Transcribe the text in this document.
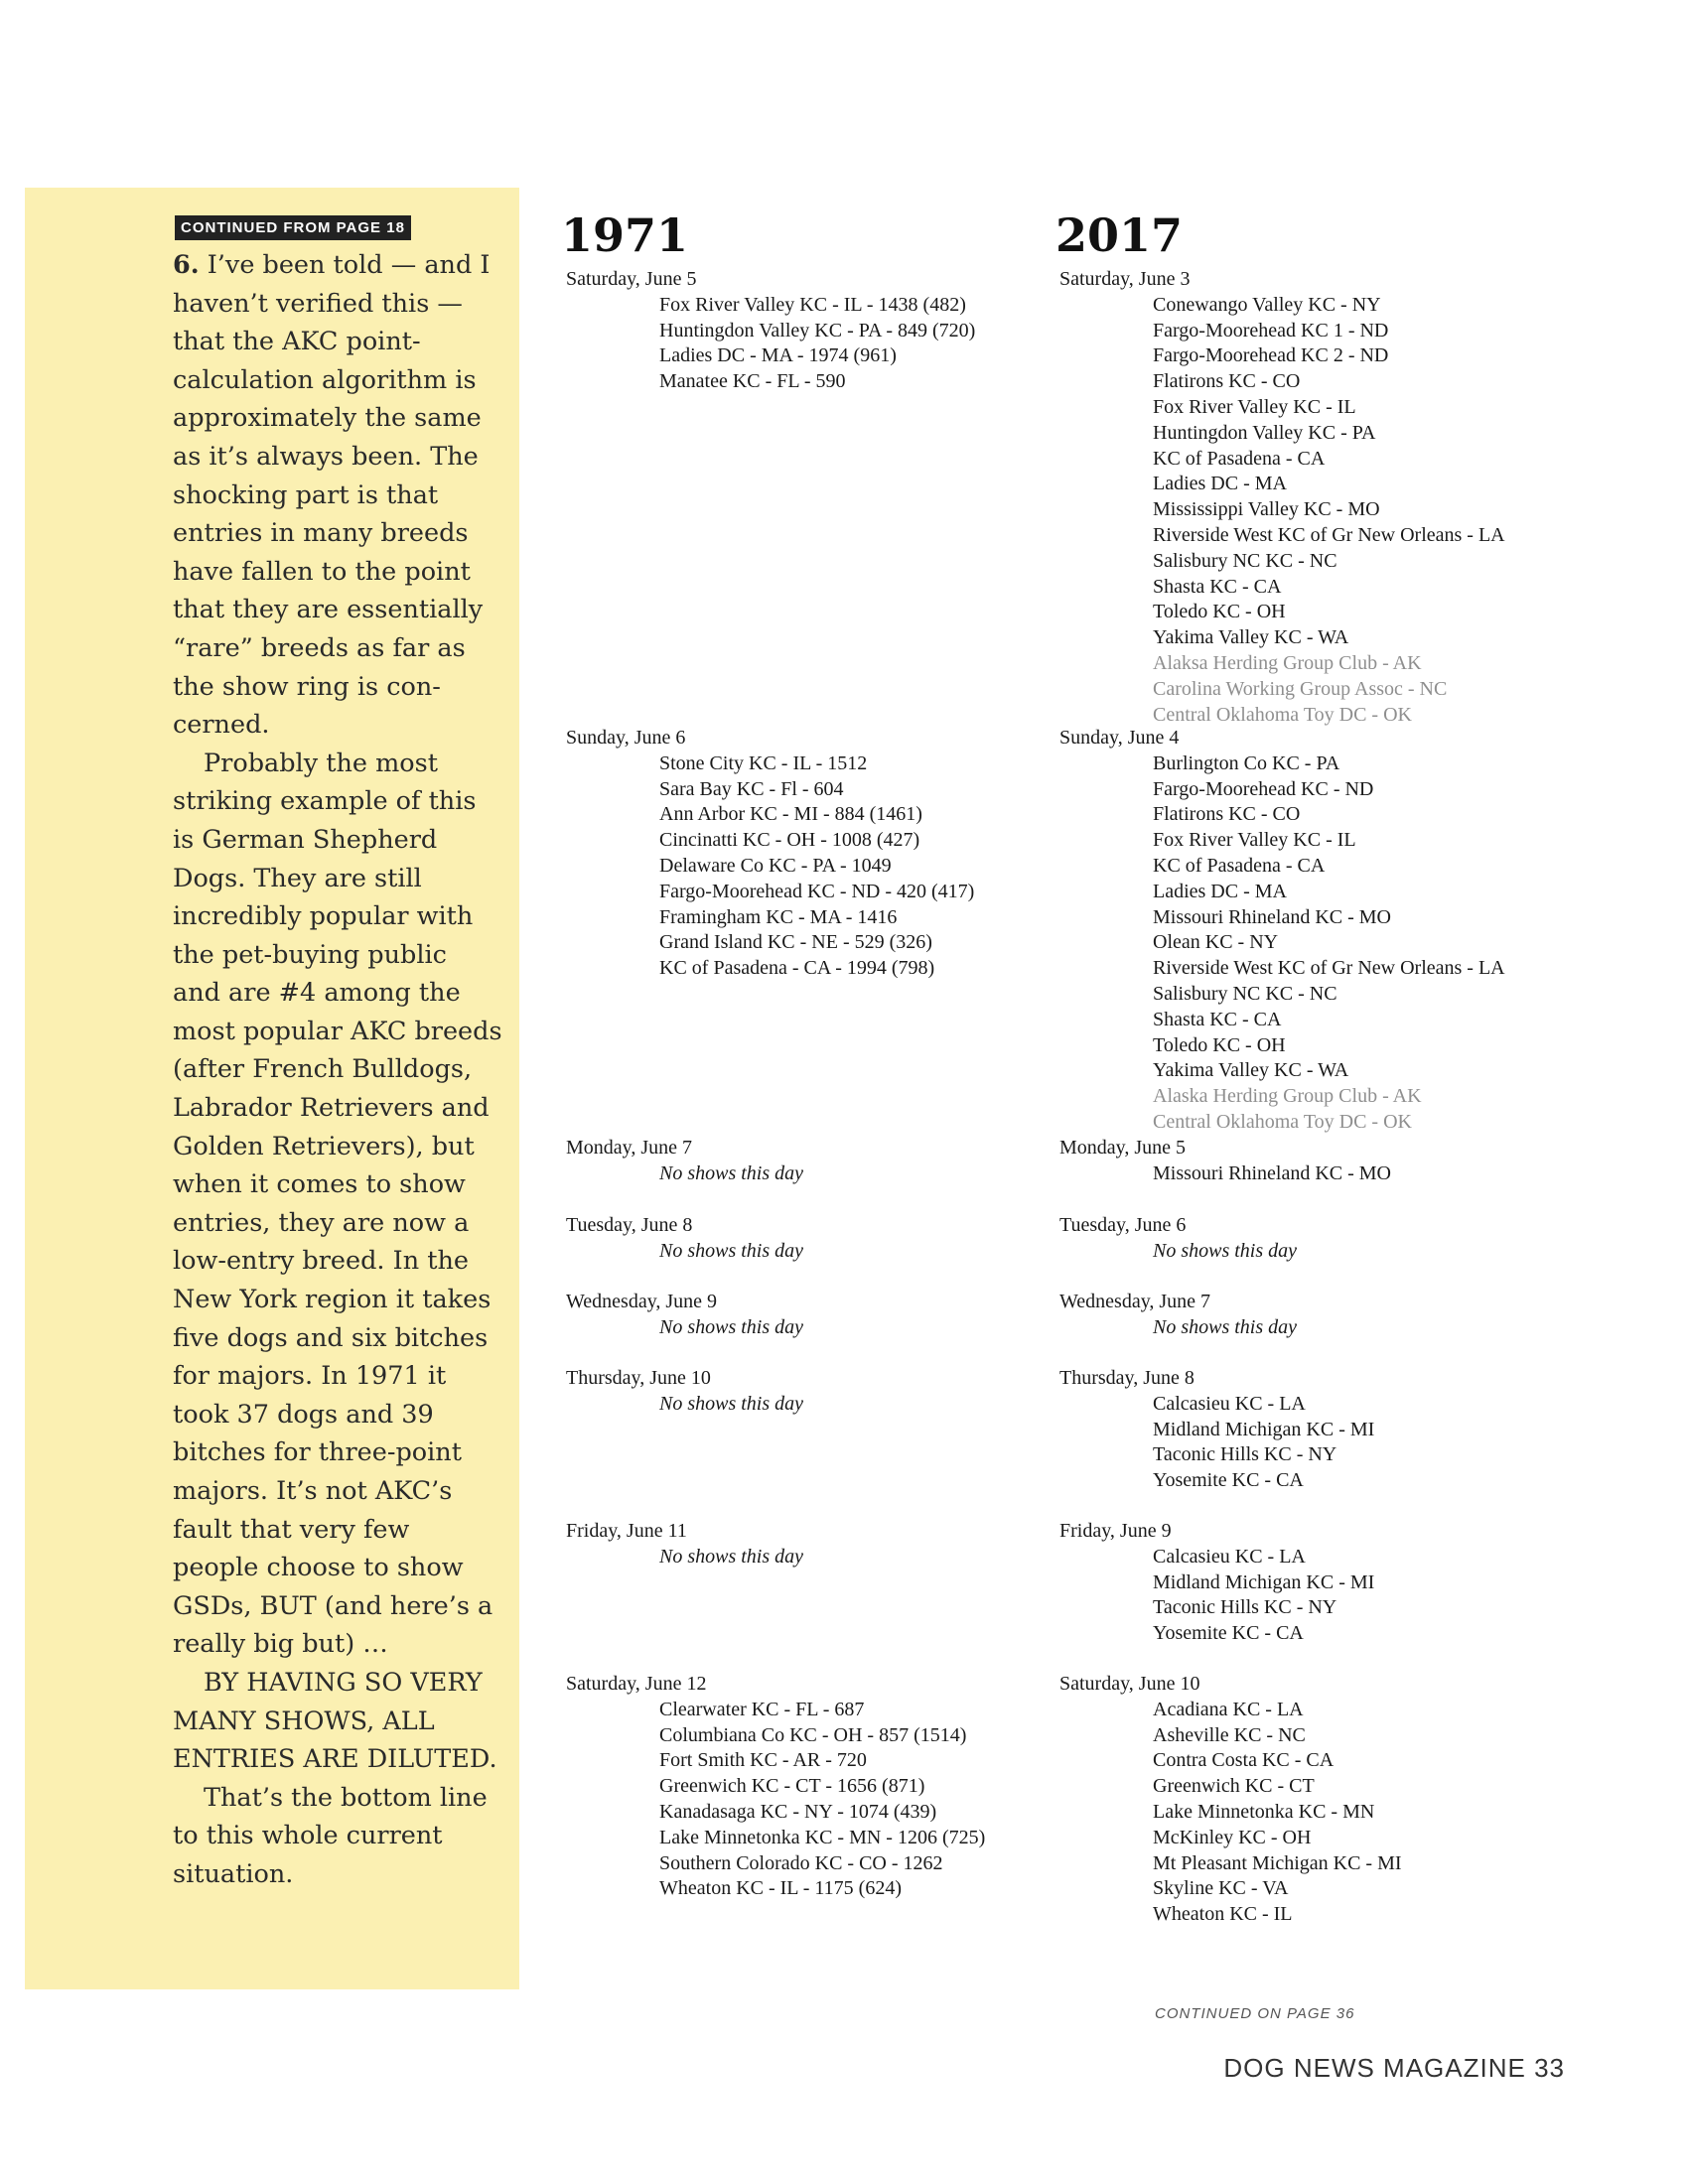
CONTINUED FROM PAGE 18

6. I’ve been told — and I haven’t verified this — that the AKC point-calculation algorithm is approximately the same as it’s always been. The shocking part is that entries in many breeds have fallen to the point that they are essentially “rare” breeds as far as the show ring is con-cerned.

Probably the most striking example of this is German Shepherd Dogs. They are still incredibly popular with the pet-buying public and are #4 among the most popular AKC breeds (after French Bulldogs, Labrador Retrievers and Golden Retrievers), but when it comes to show entries, they are now a low-entry breed. In the New York region it takes five dogs and six bitches for majors. In 1971 it took 37 dogs and 39 bitches for three-point majors. It’s not AKC’s fault that very few people choose to show GSDs, BUT (and here’s a really big but) …

BY HAVING SO VERY MANY SHOWS, ALL ENTRIES ARE DILUTED.

That’s the bottom line to this whole current situation.

1971
Saturday, June 5
Fox River Valley KC - IL - 1438 (482)
Huntingdon Valley KC - PA - 849 (720)
Ladies DC - MA - 1974 (961)
Manatee KC - FL - 590
Sunday, June 6
Stone City KC - IL - 1512
Sara Bay KC - Fl - 604
Ann Arbor KC - MI - 884 (1461)
Cincinatti KC - OH - 1008 (427)
Delaware Co KC - PA - 1049
Fargo-Moorehead KC - ND - 420 (417)
Framingham KC - MA - 1416
Grand Island KC - NE - 529 (326)
KC of Pasadena - CA - 1994 (798)
Monday, June 7
No shows this day
Tuesday, June 8
No shows this day
Wednesday, June 9
No shows this day
Thursday, June 10
No shows this day
Friday, June 11
No shows this day
Saturday, June 12
Clearwater KC - FL - 687
Columbiana Co KC - OH - 857 (1514)
Fort Smith KC - AR - 720
Greenwich KC - CT - 1656 (871)
Kanadasaga KC - NY - 1074 (439)
Lake Minnetonka KC - MN - 1206 (725)
Southern Colorado KC - CO - 1262
Wheaton KC - IL - 1175 (624)
2017
Saturday, June 3
Conewango Valley KC - NY
Fargo-Moorehead KC 1 - ND
Fargo-Moorehead KC 2 - ND
Flatirons KC - CO
Fox River Valley KC - IL
Huntingdon Valley KC - PA
KC of Pasadena - CA
Ladies DC - MA
Mississippi Valley KC - MO
Riverside West KC of Gr New Orleans - LA
Salisbury NC KC - NC
Shasta KC - CA
Toledo KC - OH
Yakima Valley KC - WA
Alaksa Herding Group Club - AK
Carolina Working Group Assoc - NC
Central Oklahoma Toy DC - OK
Sunday, June 4
Burlington Co KC - PA
Fargo-Moorehead KC - ND
Flatirons KC - CO
Fox River Valley KC - IL
KC of Pasadena - CA
Ladies DC - MA
Missouri Rhineland KC - MO
Olean KC - NY
Riverside West KC of Gr New Orleans - LA
Salisbury NC KC - NC
Shasta KC - CA
Toledo KC - OH
Yakima Valley KC - WA
Alaska Herding Group Club - AK
Central Oklahoma Toy DC - OK
Monday, June 5
Missouri Rhineland KC - MO
Tuesday, June 6
No shows this day
Wednesday, June 7
No shows this day
Thursday, June 8
Calcasieu KC - LA
Midland Michigan KC - MI
Taconic Hills KC - NY
Yosemite KC - CA
Friday, June 9
Calcasieu KC - LA
Midland Michigan KC - MI
Taconic Hills KC - NY
Yosemite KC - CA
Saturday, June 10
Acadiana KC - LA
Asheville KC - NC
Contra Costa KC - CA
Greenwich KC - CT
Lake Minnetonka KC - MN
McKinley KC - OH
Mt Pleasant Michigan KC - MI
Skyline KC - VA
Wheaton KC - IL
CONTINUED ON PAGE 36
DOG NEWS MAGAZINE 33
